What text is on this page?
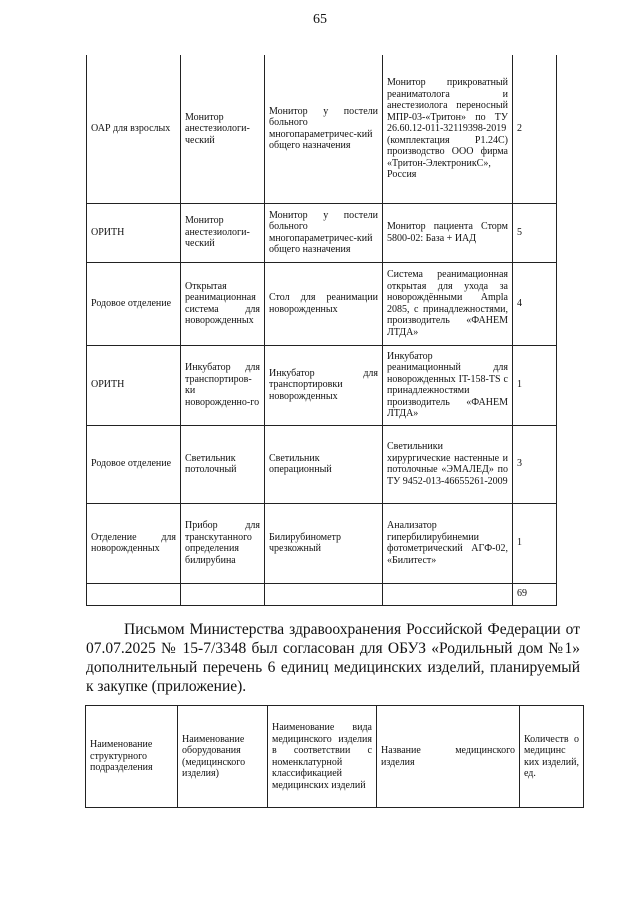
65
ОАР для взрослых	Монитор анестезиологи-ческий	Монитор у постели больного многопараметричес-кий общего назначения	Монитор прикроватный реаниматолога и анестезиолога переносный МПР-03-«Тритон» по ТУ 26.60.12-011-32119398-2019 (комплектация Р1.24С) производство ООО фирма «Тритон-ЭлектроникС», Россия	2
ОРИТН	Монитор анестезиологи-ческий	Монитор у постели больного многопараметричес-кий общего назначения	Монитор пациента Сторм 5800-02: База + ИАД	5
Родовое отделение	Открытая реанимационная система для новорожденных	Стол для реанимации новорожденных	Система реанимационная открытая для ухода за новорождёнными Ampla 2085, с принадлежностями, производитель «ФАНЕМ ЛТДА»	4
ОРИТН	Инкубатор для транспортиров-ки новорожденно-го	Инкубатор для транспортировки новорожденных	Инкубатор реанимационный для новорожденных IT-158-TS с принадлежностями производитель «ФАНЕМ ЛТДА»	1
Родовое отделение	Светильник потолочный	Светильник операционный	Светильники хирургические настенные и потолочные «ЭМАЛЕД» по ТУ 9452-013-46655261-2009	3
Отделение для новорожденных	Прибор для транскутанного определения билирубина	Билирубинометр чрезкожный	Анализатор гипербилирубинемии фотометрический АГФ-02, «Билитест»	1
				69
Письмом Министерства здравоохранения Российской Федерации от 07.07.2025 № 15-7/3348 был согласован для ОБУЗ «Родильный дом №1» дополнительный перечень 6 единиц медицинских изделий, планируемый к закупке (приложение).
Наименование структурного подразделения	Наименование оборудования (медицинского изделия)	Наименование вида медицинского изделия в соответствии с номенклатурной классификацией медицинских изделий	Название медицинского изделия	Количеств о медицинс ких изделий, ед.
